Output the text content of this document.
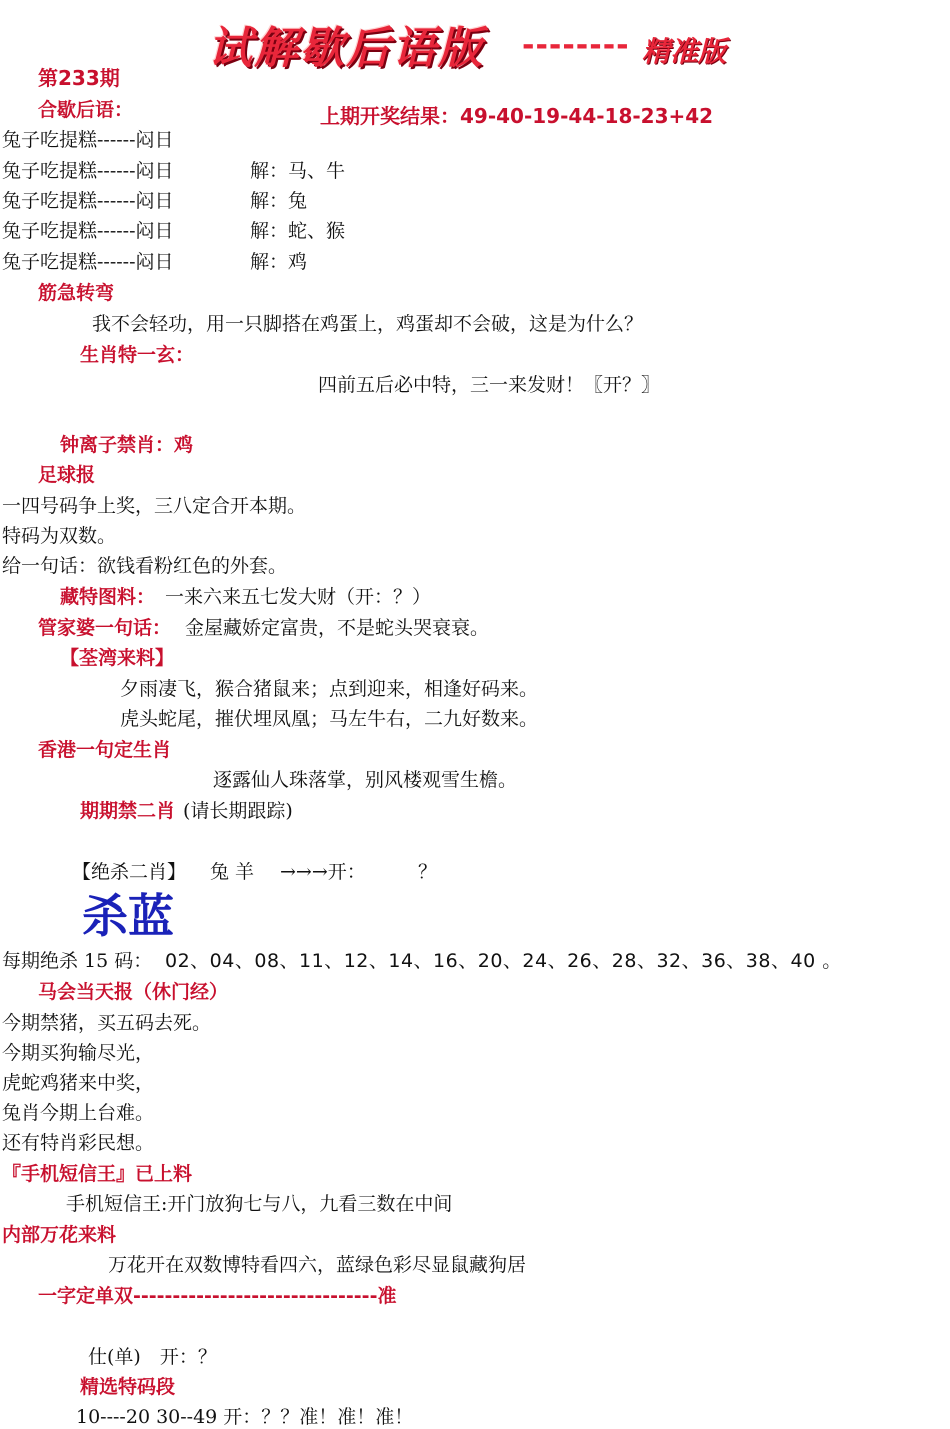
试解歇后语版 -------- 精准版
第233期
上期开奖结果：49-40-19-44-18-23+42
合歇后语：
兔子吃提糕------闷日
兔子吃提糕------闷日	解：马、牛
兔子吃提糕------闷日	解：兔
兔子吃提糕------闷日	解：蛇、猴
兔子吃提糕------闷日	解：鸡
筋急转弯
我不会轻功，用一只脚搭在鸡蛋上，鸡蛋却不会破，这是为什么？
生肖特一玄：
四前五后必中特，三一来发财！〖开？〗
钟离子禁肖：鸡
足球报
一四号码争上奖，三八定合开本期。
特码为双数。
给一句话：欲钱看粉红色的外套。
藏特图料： 一来六来五七发大财（开：？）
管家婆一句话： 金屋藏娇定富贵，不是蛇头哭衰衰。
【荃湾来料】
夕雨凄飞，猴合猪鼠来；点到迎来，相逢好码来。
虎头蛇尾，摧伏埋凤凰；马左牛右，二九好数来。
香港一句定生肖
逐露仙人珠落掌，别风楼观雪生檐。
期期禁二肖 (请长期跟踪)
【绝杀二肖】 兔 羊 →→→开：	？
杀蓝
每期绝杀 15 码： 02、04、08、11、12、14、16、20、24、26、28、32、36、38、40 。
马会当天报（休门经）
今期禁猪，买五码去死。
今期买狗输尽光，
虎蛇鸡猪来中奖，
兔肖今期上台难。
还有特肖彩民想。
『手机短信王』已上料
手机短信王:开门放狗七与八，九看三数在中间
内部万花来料
万花开在双数博特看四六，蓝绿色彩尽显鼠藏狗居
一字定单双-------------------------------准
仕(单)　开：？
精选特码段
10----20 30--49 开：？？准！准！准！
